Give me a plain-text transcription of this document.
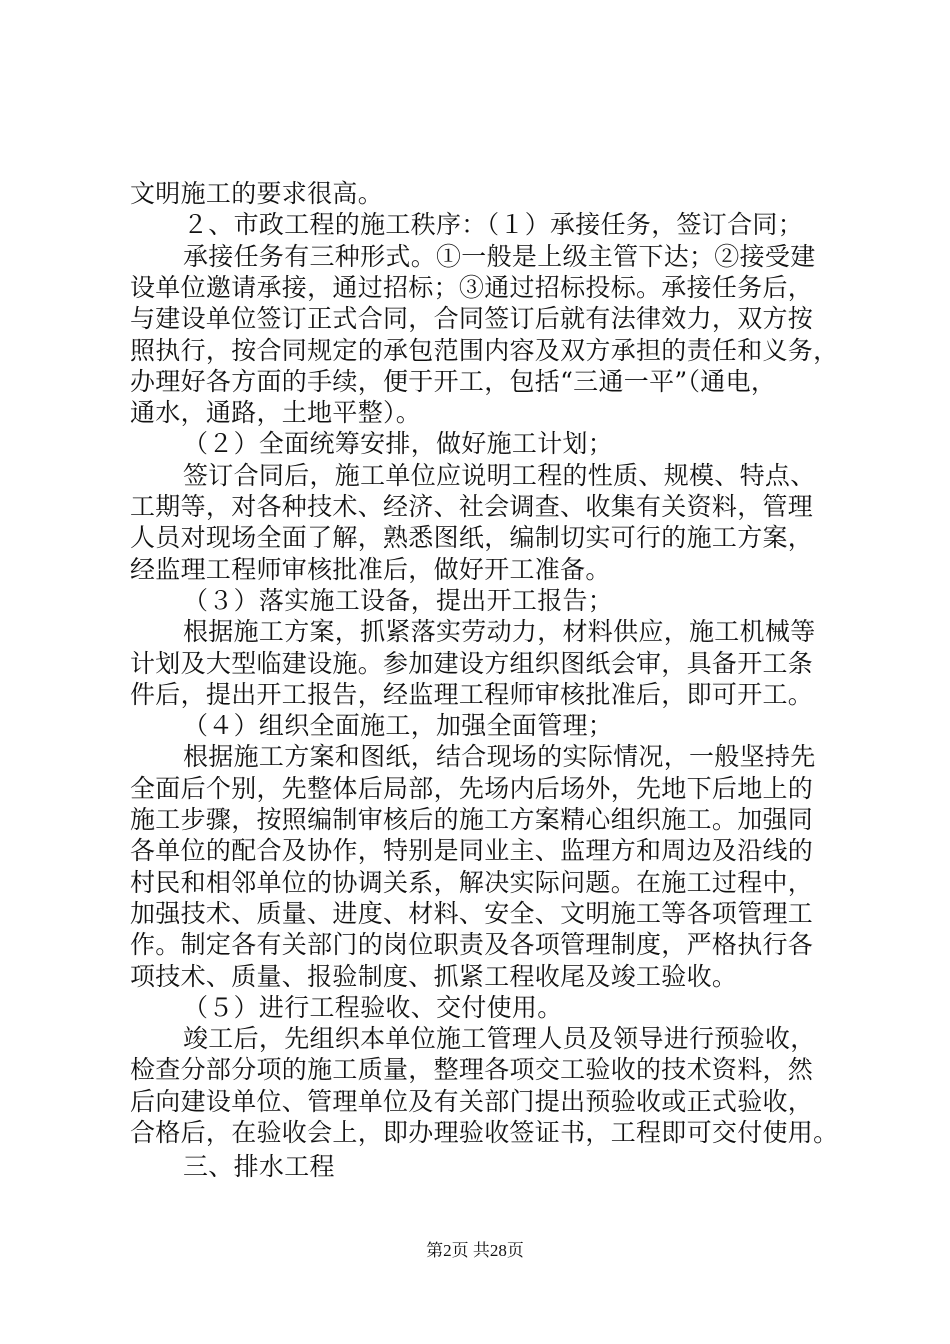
文明施工的要求很高。
２、市政工程的施工秩序：（１）承接任务，签订合同；
承接任务有三种形式。①一般是上级主管下达；②接受建
设单位邀请承接，通过招标；③通过招标投标。承接任务后，
与建设单位签订正式合同，合同签订后就有法律效力，双方按
照执行，按合同规定的承包范围内容及双方承担的责任和义务，
办理好各方面的手续，便于开工，包括“三通一平”（通电，
通水，通路，土地平整）。
（２）全面统筹安排，做好施工计划；
签订合同后，施工单位应说明工程的性质、规模、特点、
工期等，对各种技术、经济、社会调查、收集有关资料，管理
人员对现场全面了解，熟悉图纸，编制切实可行的施工方案，
经监理工程师审核批准后，做好开工准备。
（３）落实施工设备，提出开工报告；
根据施工方案，抓紧落实劳动力，材料供应，施工机械等
计划及大型临建设施。参加建设方组织图纸会审，具备开工条
件后，提出开工报告，经监理工程师审核批准后，即可开工。
（４）组织全面施工，加强全面管理；
根据施工方案和图纸，结合现场的实际情况，一般坚持先
全面后个别，先整体后局部，先场内后场外，先地下后地上的
施工步骤，按照编制审核后的施工方案精心组织施工。加强同
各单位的配合及协作，特别是同业主、监理方和周边及沿线的
村民和相邻单位的协调关系，解决实际问题。在施工过程中，
加强技术、质量、进度、材料、安全、文明施工等各项管理工
作。制定各有关部门的岗位职责及各项管理制度，严格执行各
项技术、质量、报验制度、抓紧工程收尾及竣工验收。
（５）进行工程验收、交付使用。
竣工后，先组织本单位施工管理人员及领导进行预验收，
检查分部分项的施工质量，整理各项交工验收的技术资料，然
后向建设单位、管理单位及有关部门提出预验收或正式验收，
合格后，在验收会上，即办理验收签证书，工程即可交付使用。
三、排水工程
第2页 共28页
